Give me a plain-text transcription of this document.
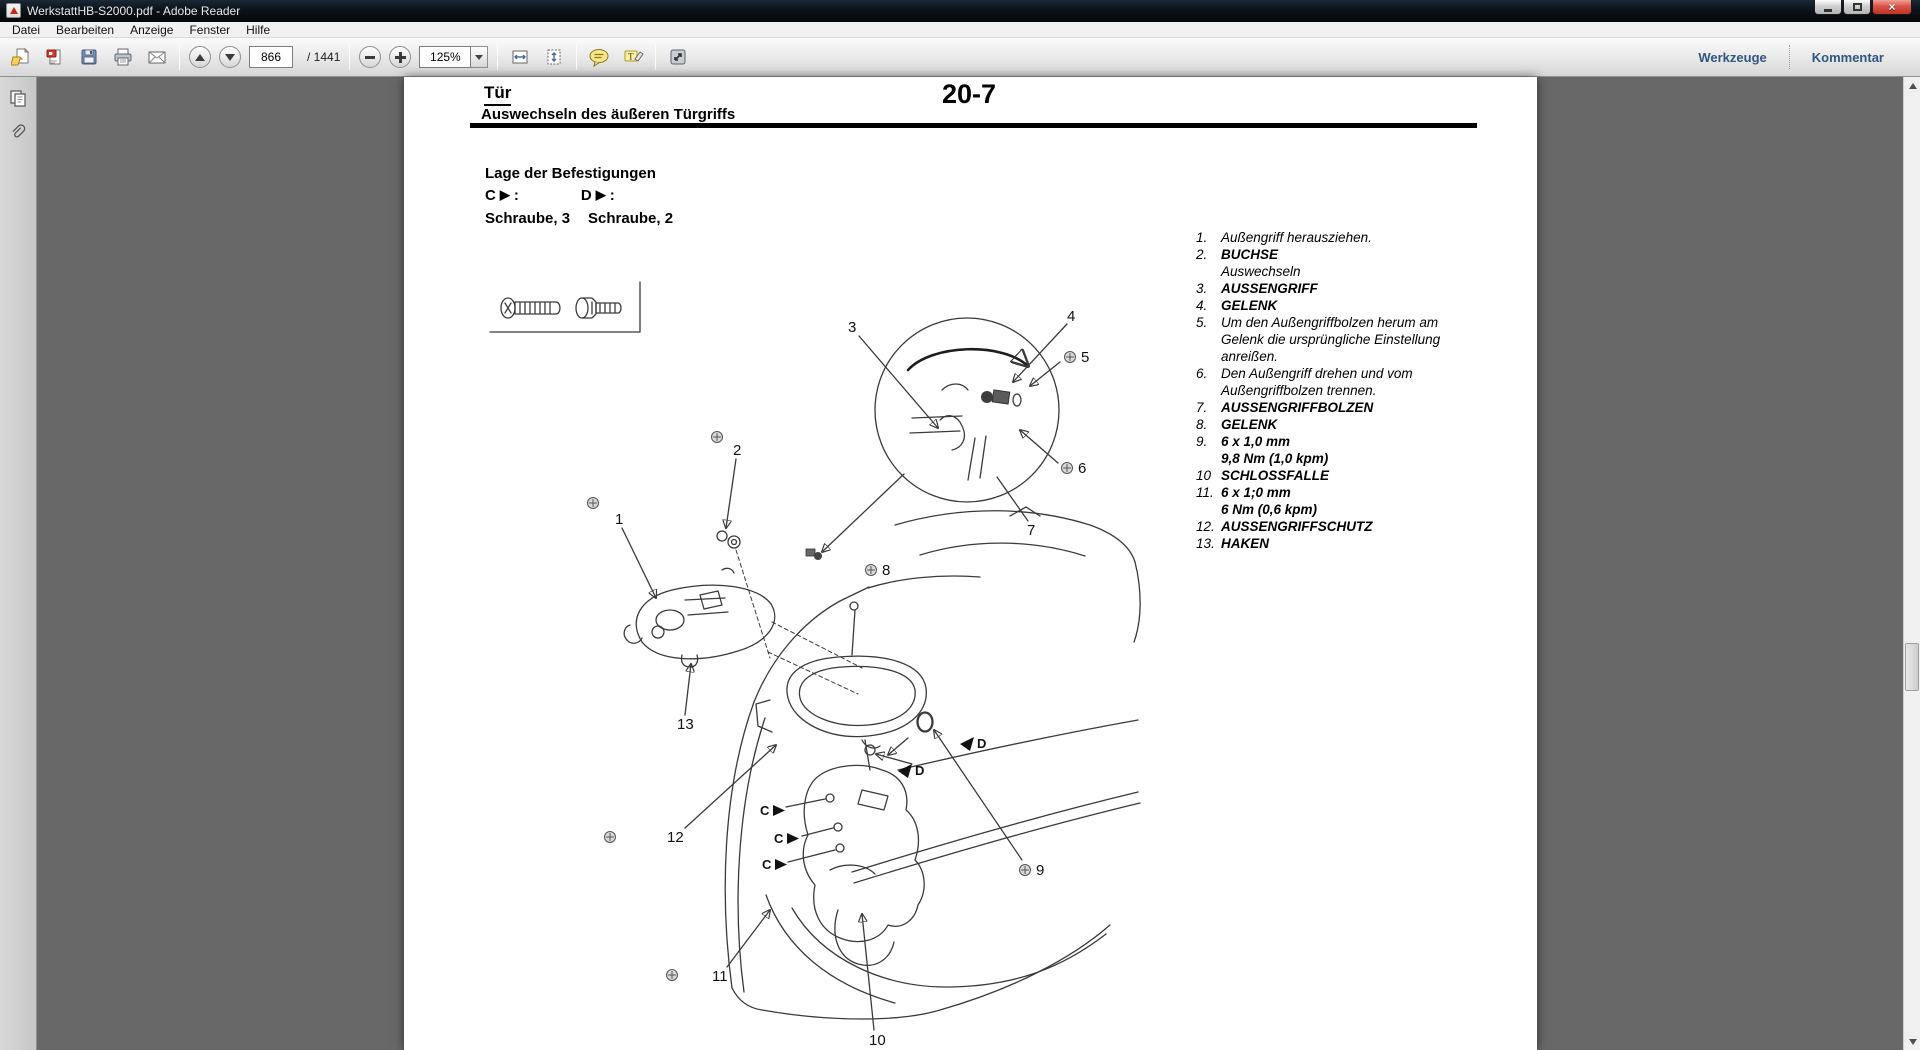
WerkstattHB-S2000.pdf - Adobe Reader	×
Datei	Bearbeiten	Anzeige	Fenster	Hilfe
866
/ 1441	125%	T	Werkzeuge	Kommentar
Tür	20-7
Auswechseln des äußeren Türgriffs
Lage der Befestigungen
C ▶ :	D ▶ :
Schraube, 3 Schraube, 2
1.	Außengriff herausziehen.
2.	BUCHSE
Auswechseln
3.	AUSSENGRIFF
4.	GELENK
5.	Um den Außengriffbolzen herum am
Gelenk die ursprüngliche Einstellung
anreißen.
6.	Den Außengriff drehen und vom
Außengriffbolzen trennen.
7.	AUSSENGRIFFBOLZEN
8.	GELENK
9.	6 x 1,0 mm
9,8 Nm (1,0 kpm)
10 SCHLOSSFALLE
11. 6 x 1;0 mm
6 Nm (0,6 kpm)
12. AUSSENGRIFFSCHUTZ
13. HAKEN
C
C
C
D
D
1
2
3
4
5
6
7
8
9
10
11
12
13
